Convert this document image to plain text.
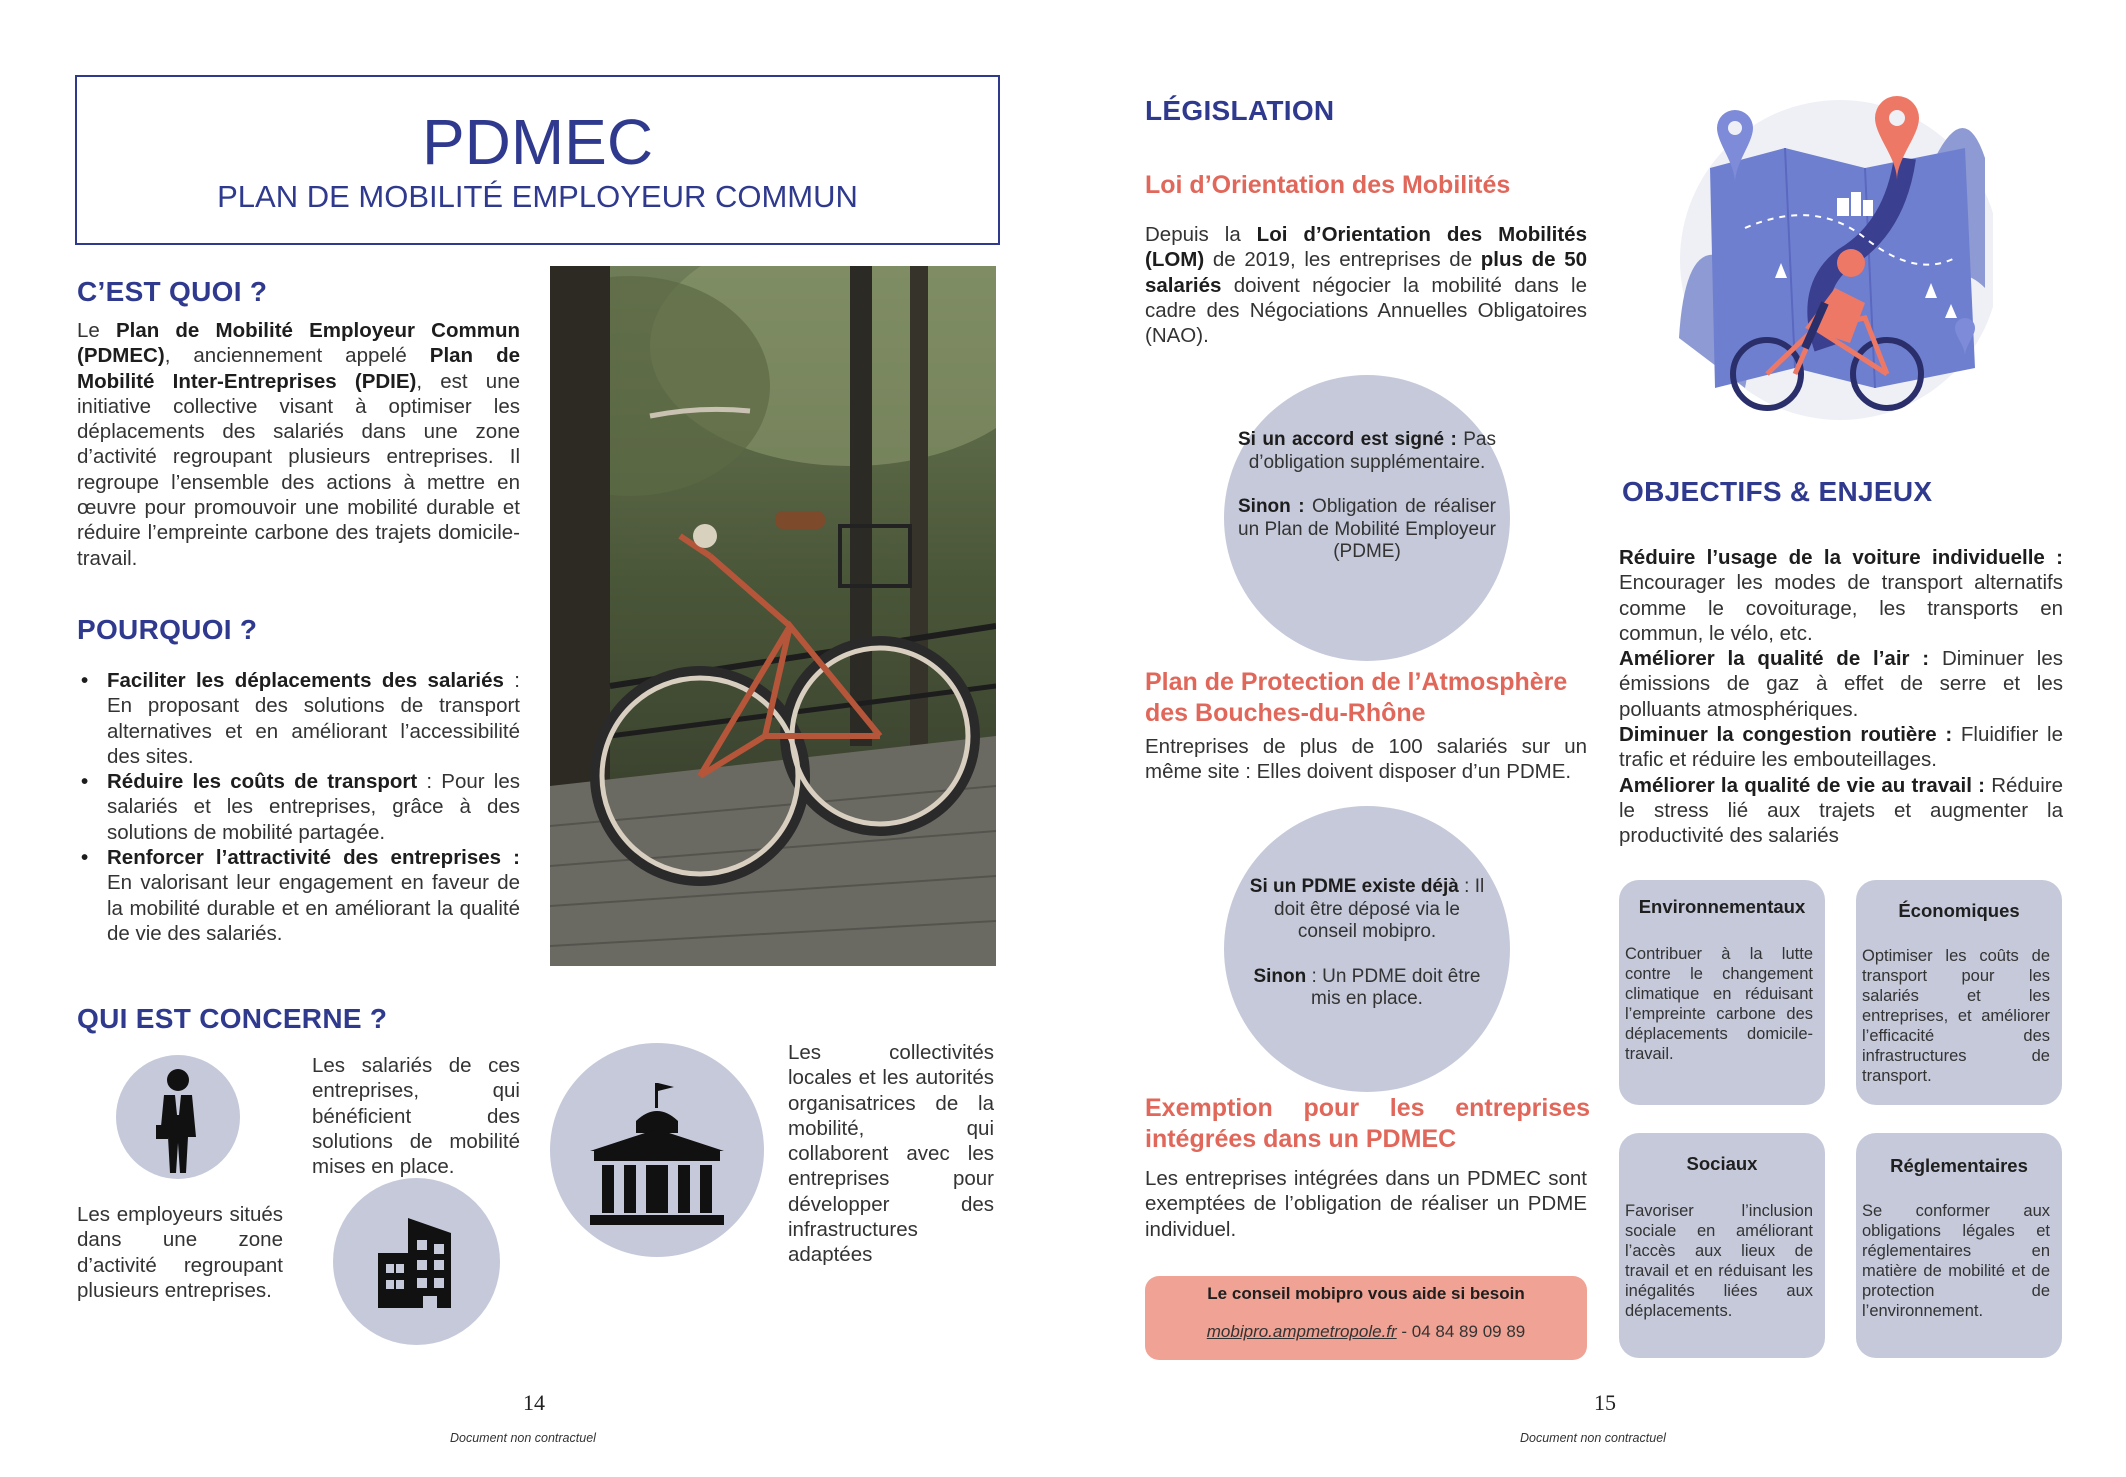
PDMEC
PLAN DE MOBILITÉ EMPLOYEUR COMMUN
C’EST QUOI ?
Le Plan de Mobilité Employeur Commun (PDMEC), anciennement appelé Plan de Mobilité Inter-Entreprises (PDIE), est une initiative collective visant à optimiser les déplacements des salariés dans une zone d’activité regroupant plusieurs entreprises. Il regroupe l’ensemble des actions à mettre en œuvre pour promouvoir une mobilité durable et réduire l’empreinte carbone des trajets domicile-travail.
POURQUOI ?
• Faciliter les déplacements des salariés : En proposant des solutions de transport alternatives et en améliorant l’accessibilité des sites.
• Réduire les coûts de transport : Pour les salariés et les entreprises, grâce à des solutions de mobilité partagée.
• Renforcer l’attractivité des entreprises : En valorisant leur engagement en faveur de la mobilité durable et en améliorant la qualité de vie des salariés.
QUI EST CONCERNE ?
Les employeurs situés dans une zone d’activité regroupant plusieurs entreprises.
Les salariés de ces entreprises, qui bénéficient des solutions de mobilité mises en place.
Les collectivités locales et les autorités organisatrices de la mobilité, qui collaborent avec les entreprises pour développer des infrastructures adaptées
14
Document non contractuel
LÉGISLATION
Loi d’Orientation des Mobilités
Depuis la Loi d’Orientation des Mobilités (LOM) de 2019, les entreprises de plus de 50 salariés doivent négocier la mobilité dans le cadre des Négociations Annuelles Obligatoires (NAO).
Si un accord est signé : Pas d’obligation supplémentaire.
Sinon : Obligation de réaliser un Plan de Mobilité Employeur (PDME)
Plan de Protection de l’Atmosphère des Bouches-du-Rhône
Entreprises de plus de 100 salariés sur un même site : Elles doivent disposer d’un PDME.
Si un PDME existe déjà : Il doit être déposé via le conseil mobipro.
Sinon : Un PDME doit être mis en place.
Exemption pour les entreprises intégrées dans un PDMEC
Les entreprises intégrées dans un PDMEC sont exemptées de l’obligation de réaliser un PDME individuel.
Le conseil mobipro vous aide si besoin
mobipro.ampmetropole.fr - 04 84 89 09 89
OBJECTIFS & ENJEUX
Réduire l’usage de la voiture individuelle : Encourager les modes de transport alternatifs comme le covoiturage, les transports en commun, le vélo, etc.
Améliorer la qualité de l’air : Diminuer les émissions de gaz à effet de serre et les polluants atmosphériques.
Diminuer la congestion routière : Fluidifier le trafic et réduire les embouteillages.
Améliorer la qualité de vie au travail : Réduire le stress lié aux trajets et augmenter la productivité des salariés
Environnementaux
Contribuer à la lutte contre le changement climatique en réduisant l’empreinte carbone des déplacements domicile-travail.
Économiques
Optimiser les coûts de transport pour les salariés et les entreprises, et améliorer l’efficacité des infrastructures de transport.
Sociaux
Favoriser l’inclusion sociale en améliorant l’accès aux lieux de travail et en réduisant les inégalités liées aux déplacements.
Réglementaires
Se conformer aux obligations légales et réglementaires en matière de mobilité et de protection de l’environnement.
15
Document non contractuel
